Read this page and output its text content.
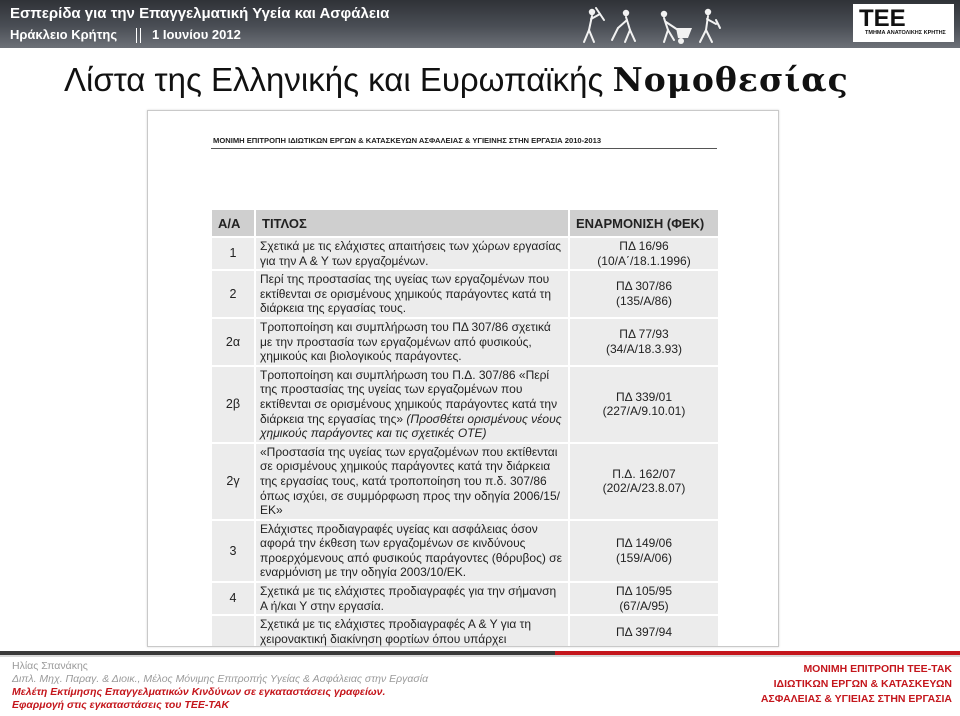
Εσπερίδα για την Επαγγελματική Υγεία και Ασφάλεια
Ηράκλειο Κρήτης	1 Ιουνίου 2012
ΤΕΕ
ΤΜΗΜΑ ΑΝΑΤΟΛΙΚΗΣ ΚΡΗΤΗΣ
Λίστα της Ελληνικής και Ευρωπαϊκής Νομοθεσίας
ΜΟΝΙΜΗ ΕΠΙΤΡΟΠΗ ΙΔΙΩΤΙΚΩΝ ΕΡΓΩΝ & ΚΑΤΑΣΚΕΥΩΝ ΑΣΦΑΛΕΙΑΣ & ΥΓΙΕΙΝΗΣ ΣΤΗΝ ΕΡΓΑΣΙΑ 2010-2013
Α/Α	ΤΙΤΛΟΣ	ΕΝΑΡΜΟΝΙΣΗ (ΦΕΚ)
1	Σχετικά με τις ελάχιστες απαιτήσεις των χώρων εργασίας για την Α & Υ των εργαζομένων.	ΠΔ 16/96
(10/Α΄/18.1.1996)

2	Περί της προστασίας της υγείας των εργαζομένων που εκτίθενται σε ορισμένους χημικούς παράγοντες κατά τη διάρκεια της εργασίας τους.	ΠΔ 307/86
(135/Α/86)

2α	Τροποποίηση και συμπλήρωση του ΠΔ 307/86 σχετικά με την προστασία των εργαζομένων από φυσικούς, χημικούς και βιολογικούς παράγοντες.	ΠΔ 77/93
(34/Α/18.3.93)

2β	Τροποποίηση και συμπλήρωση του Π.Δ. 307/86 «Περί της προστασίας της υγείας των εργαζομένων που εκτίθενται σε ορισμένους χημικούς παράγοντες κατά την διάρκεια της εργασίας της» (Προσθέτει ορισμένους νέους χημικούς παράγοντες και τις σχετικές ΟΤΕ)	ΠΔ 339/01
(227/Α/9.10.01)

2γ	«Προστασία της υγείας των εργαζομένων που εκτίθενται σε ορισμένους χημικούς παράγοντες κατά την διάρκεια της εργασίας τους, κατά τροποποίηση του π.δ. 307/86 όπως ισχύει, σε συμμόρφωση προς την οδηγία 2006/15/ΕΚ»	Π.Δ. 162/07
(202/Α/23.8.07)

3	Ελάχιστες προδιαγραφές υγείας και ασφάλειας όσον αφορά την έκθεση των εργαζομένων σε κινδύνους προερχόμενους από φυσικούς παράγοντες (θόρυβος) σε εναρμόνιση με την οδηγία 2003/10/ΕΚ.	ΠΔ 149/06
(159/Α/06)

4	Σχετικά με τις ελάχιστες προδιαγραφές για την σήμανση Α ή/και Υ στην εργασία.	ΠΔ 105/95
(67/Α/95)

	Σχετικά με τις ελάχιστες προδιαγραφές Α & Υ για τη χειρονακτική διακίνηση φορτίων όπου υπάρχει	ΠΔ 397/94
Ηλίας Σπανάκης
Διπλ. Μηχ. Παραγ. & Διοικ., Μέλος Μόνιμης Επιτροπής Υγείας & Ασφάλειας στην Εργασία
Μελέτη Εκτίμησης Επαγγελματικών Κινδύνων σε εγκαταστάσεις γραφείων.
Εφαρμογή στις εγκαταστάσεις του ΤΕΕ-ΤΑΚ
ΜΟΝΙΜΗ ΕΠΙΤΡΟΠΗ ΤΕΕ-ΤΑΚ
ΙΔΙΩΤΙΚΩΝ ΕΡΓΩΝ & ΚΑΤΑΣΚΕΥΩΝ
ΑΣΦΑΛΕΙΑΣ & ΥΓΙΕΙΑΣ ΣΤΗΝ ΕΡΓΑΣΙΑ
